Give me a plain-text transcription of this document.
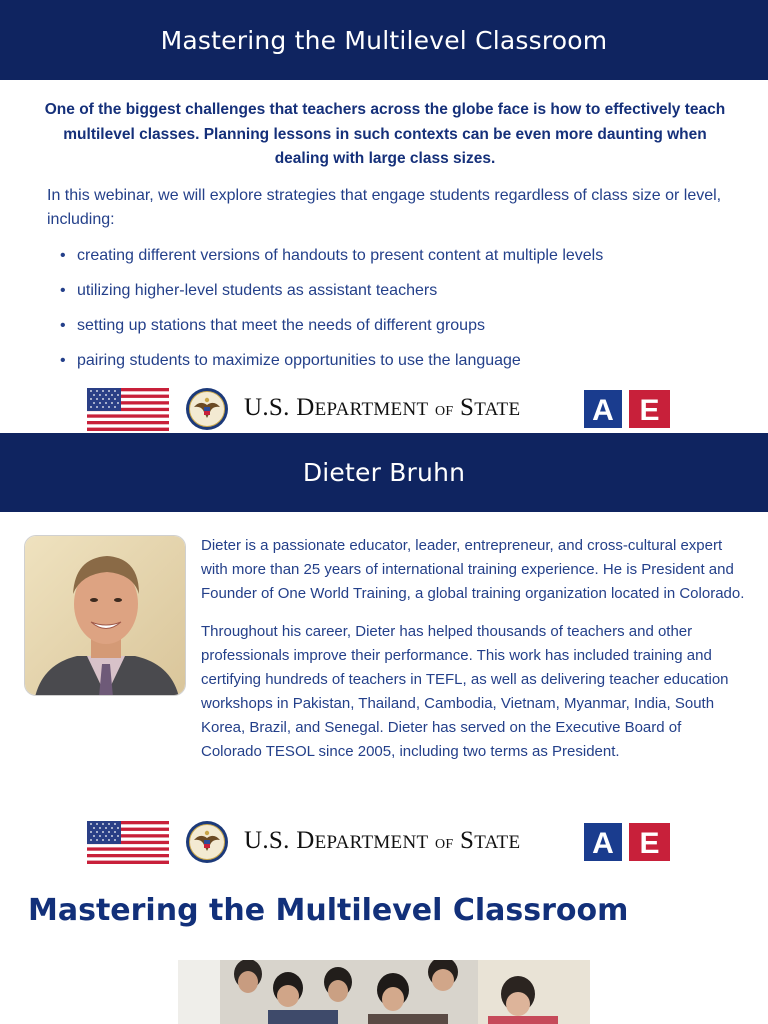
Mastering the Multilevel Classroom
One of the biggest challenges that teachers across the globe face is how to effectively teach multilevel classes. Planning lessons in such contexts can be even more daunting when dealing with large class sizes.
In this webinar, we will explore strategies that engage students regardless of class size or level, including:
• creating different versions of handouts to present content at multiple levels
• utilizing higher-level students as assistant teachers
• setting up stations that meet the needs of different groups
• pairing students to maximize opportunities to use the language
U.S. DEPARTMENT OF STATE A E
Dieter Bruhn

Dieter is a passionate educator, leader, entrepreneur, and cross-cultural expert with more than 25 years of international training experience. He is President and Founder of One World Training, a global training organization located in Colorado.

Throughout his career, Dieter has helped thousands of teachers and other professionals improve their performance. This work has included training and certifying hundreds of teachers in TEFL, as well as delivering teacher education workshops in Pakistan, Thailand, Cambodia, Vietnam, Myanmar, India, South Korea, Brazil, and Senegal. Dieter has served on the Executive Board of Colorado TESOL since 2005, including two terms as President.

U.S. DEPARTMENT OF STATE A E
Mastering the Multilevel Classroom
